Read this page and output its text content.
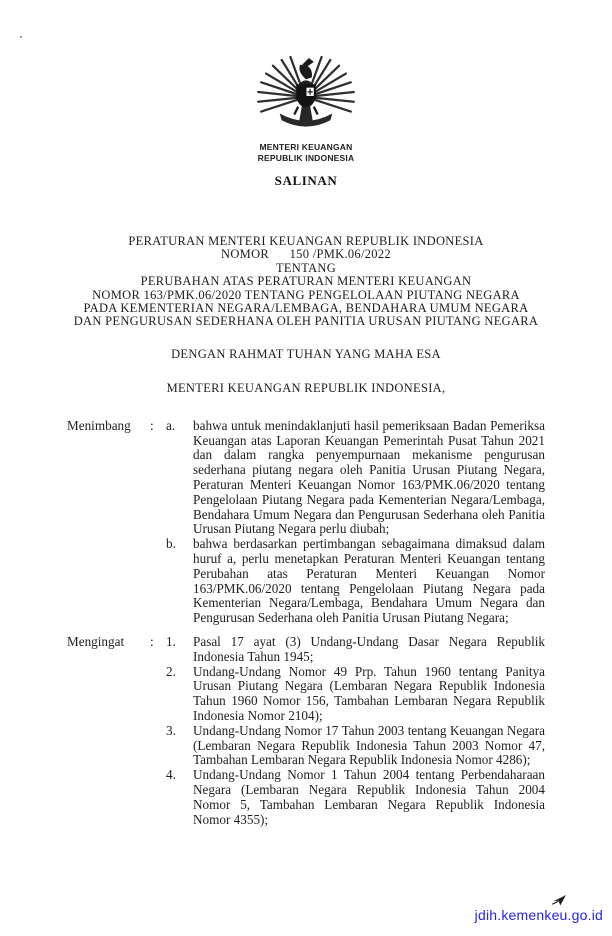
MENTERI KEUANGAN
REPUBLIK INDONESIA
SALINAN
PERATURAN MENTERI KEUANGAN REPUBLIK INDONESIA
NOMOR      150 /PMK.06/2022
TENTANG
PERUBAHAN ATAS PERATURAN MENTERI KEUANGAN
NOMOR 163/PMK.06/2020 TENTANG PENGELOLAAN PIUTANG NEGARA
PADA KEMENTERIAN NEGARA/LEMBAGA, BENDAHARA UMUM NEGARA
DAN PENGURUSAN SEDERHANA OLEH PANITIA URUSAN PIUTANG NEGARA
DENGAN RAHMAT TUHAN YANG MAHA ESA
MENTERI KEUANGAN REPUBLIK INDONESIA,
Menimbang	: a.	bahwa untuk menindaklanjuti hasil pemeriksaan Badan Pemeriksa Keuangan atas Laporan Keuangan Pemerintah Pusat Tahun 2021 dan dalam rangka penyempurnaan mekanisme pengurusan sederhana piutang negara oleh Panitia Urusan Piutang Negara, Peraturan Menteri Keuangan Nomor 163/PMK.06/2020 tentang Pengelolaan Piutang Negara pada Kementerian Negara/Lembaga, Bendahara Umum Negara dan Pengurusan Sederhana oleh Panitia Urusan Piutang Negara perlu diubah;

b.	bahwa berdasarkan pertimbangan sebagaimana dimaksud dalam huruf a, perlu menetapkan Peraturan Menteri Keuangan tentang Perubahan atas Peraturan Menteri Keuangan Nomor 163/PMK.06/2020 tentang Pengelolaan Piutang Negara pada Kementerian Negara/Lembaga, Bendahara Umum Negara dan Pengurusan Sederhana oleh Panitia Urusan Piutang Negara;

Mengingat	: 1.	Pasal 17 ayat (3) Undang-Undang Dasar Negara Republik Indonesia Tahun 1945;

2.	Undang-Undang Nomor 49 Prp. Tahun 1960 tentang Panitya Urusan Piutang Negara (Lembaran Negara Republik Indonesia Tahun 1960 Nomor 156, Tambahan Lembaran Negara Republik Indonesia Nomor 2104);

3.	Undang-Undang Nomor 17 Tahun 2003 tentang Keuangan Negara (Lembaran Negara Republik Indonesia Tahun 2003 Nomor 47, Tambahan Lembaran Negara Republik Indonesia Nomor 4286);

4.	Undang-Undang Nomor 1 Tahun 2004 tentang Perbendaharaan Negara (Lembaran Negara Republik Indonesia Tahun 2004 Nomor 5, Tambahan Lembaran Negara Republik Indonesia Nomor 4355);

jdih.kemenkeu.go.id
